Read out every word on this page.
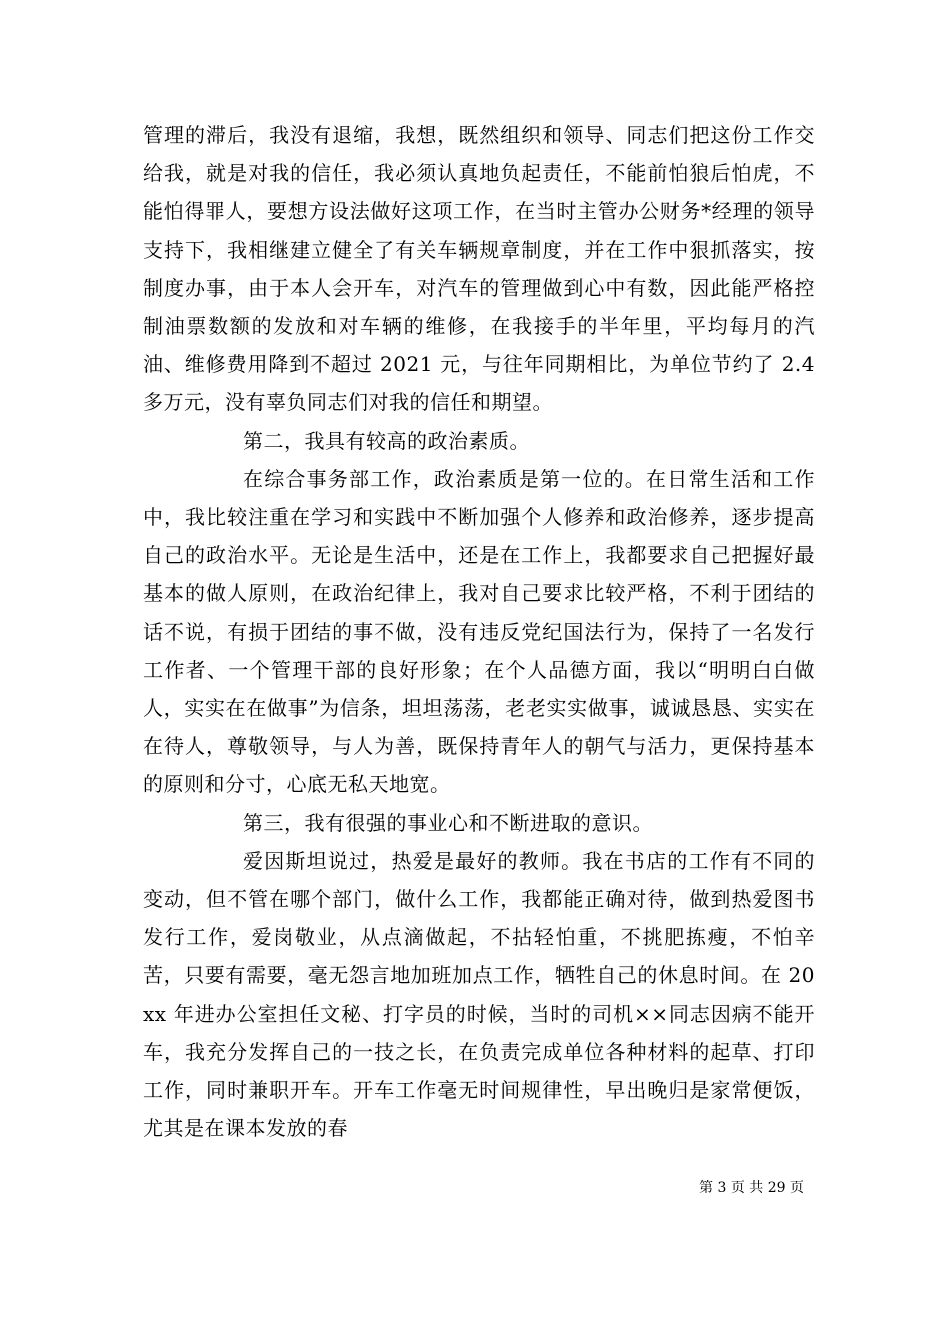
管理的滞后，我没有退缩，我想，既然组织和领导、同志们把这份工作交给我，就是对我的信任，我必须认真地负起责任，不能前怕狼后怕虎，不能怕得罪人，要想方设法做好这项工作，在当时主管办公财务*经理的领导支持下，我相继建立健全了有关车辆规章制度，并在工作中狠抓落实，按制度办事，由于本人会开车，对汽车的管理做到心中有数，因此能严格控制油票数额的发放和对车辆的维修，在我接手的半年里，平均每月的汽油、维修费用降到不超过 2021 元，与往年同期相比，为单位节约了 2.4 多万元，没有辜负同志们对我的信任和期望。

第二，我具有较高的政治素质。

在综合事务部工作，政治素质是第一位的。在日常生活和工作中，我比较注重在学习和实践中不断加强个人修养和政治修养，逐步提高自己的政治水平。无论是生活中，还是在工作上，我都要求自己把握好最基本的做人原则，在政治纪律上，我对自己要求比较严格，不利于团结的话不说，有损于团结的事不做，没有违反党纪国法行为，保持了一名发行工作者、一个管理干部的良好形象；在个人品德方面，我以“明明白白做人，实实在在做事”为信条，坦坦荡荡，老老实实做事，诚诚恳恳、实实在在待人，尊敬领导，与人为善，既保持青年人的朝气与活力，更保持基本的原则和分寸，心底无私天地宽。

第三，我有很强的事业心和不断进取的意识。

爱因斯坦说过，热爱是最好的教师。我在书店的工作有不同的变动，但不管在哪个部门，做什么工作，我都能正确对待，做到热爱图书发行工作，爱岗敬业，从点滴做起，不拈轻怕重，不挑肥拣瘦，不怕辛苦，只要有需要，毫无怨言地加班加点工作，牺牲自己的休息时间。在 20xx 年进办公室担任文秘、打字员的时候，当时的司机××同志因病不能开车，我充分发挥自己的一技之长，在负责完成单位各种材料的起草、打印工作，同时兼职开车。开车工作毫无时间规律性，早出晚归是家常便饭，尤其是在课本发放的春

第 3 页 共 29 页
